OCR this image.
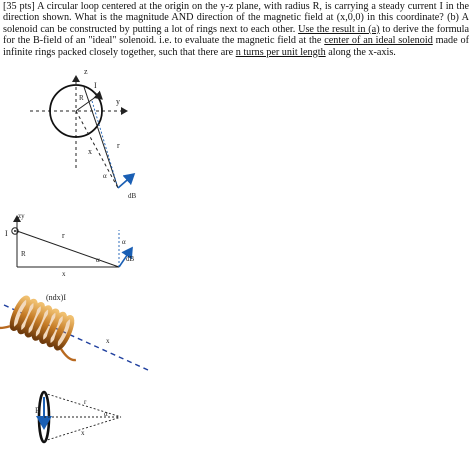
[35 pts] A circular loop centered at the origin on the y-z plane, with radius R, is carrying a steady current I in the direction shown. What is the magnitude AND direction of the magnetic field at (x,0,0) in this coordinate? (b) A solenoid can be constructed by putting a lot of rings next to each other. Use the result in (a) to derive the formula for the B-field of an "ideal" solenoid. i.e. to evaluate the magnetic field at the center of an ideal solenoid made of infinite rings packed closely together, such that there are n turns per unit length along the x-axis.
z
y
I
R
x
r
α
dB
zy
I	r
R
α
α
x
dB
(ndx)I
x
R
r
α
x
